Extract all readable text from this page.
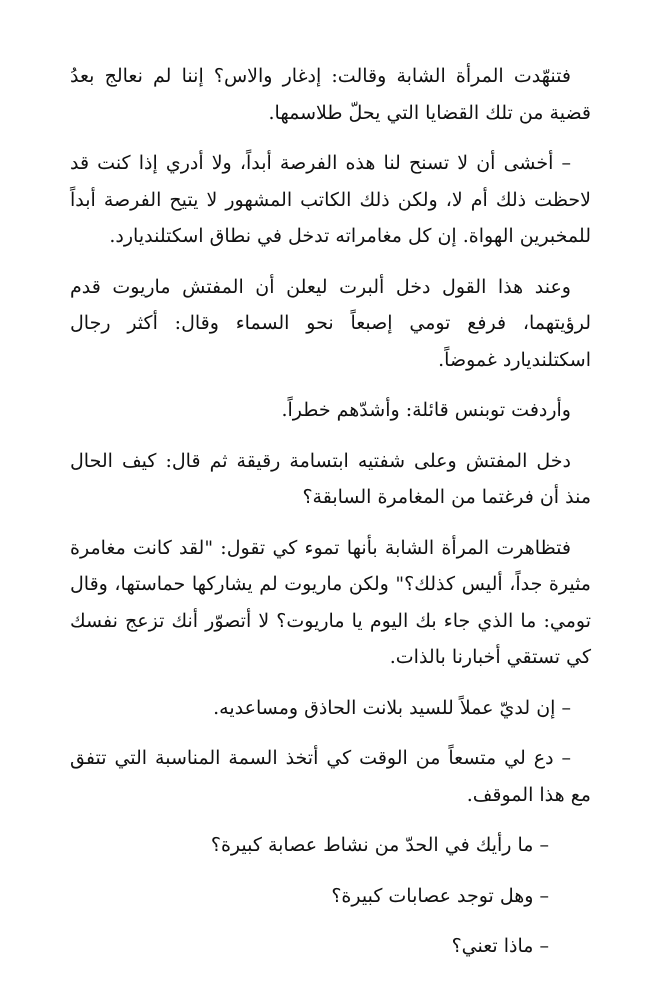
فتنهّدت المرأة الشابة وقالت: إدغار والاس؟ إننا لم نعالج بعدُ قضية من تلك القضايا التي يحلّ طلاسمها.

– أخشى أن لا تسنح لنا هذه الفرصة أبداً، ولا أدري إذا كنت قد لاحظت ذلك أم لا، ولكن ذلك الكاتب المشهور لا يتيح الفرصة أبداً للمخبرين الهواة. إن كل مغامراته تدخل في نطاق اسكتلنديارد.

وعند هذا القول دخل ألبرت ليعلن أن المفتش ماريوت قدم لرؤيتهما، فرفع تومي إصبعاً نحو السماء وقال: أكثر رجال اسكتلنديارد غموضاً.

وأردفت توبنس قائلة: وأشدّهم خطراً.

دخل المفتش وعلى شفتيه ابتسامة رقيقة ثم قال: كيف الحال منذ أن فرغتما من المغامرة السابقة؟

فتظاهرت المرأة الشابة بأنها تموء كي تقول: "لقد كانت مغامرة مثيرة جداً، أليس كذلك؟" ولكن ماريوت لم يشاركها حماستها، وقال تومي: ما الذي جاء بك اليوم يا ماريوت؟ لا أتصوّر أنك تزعج نفسك كي تستقي أخبارنا بالذات.

– إن لديّ عملاً للسيد بلانت الحاذق ومساعديه.

– دع لي متسعاً من الوقت كي أتخذ السمة المناسبة التي تتفق مع هذا الموقف.

– ما رأيك في الحدّ من نشاط عصابة كبيرة؟

– وهل توجد عصابات كبيرة؟

– ماذا تعني؟
